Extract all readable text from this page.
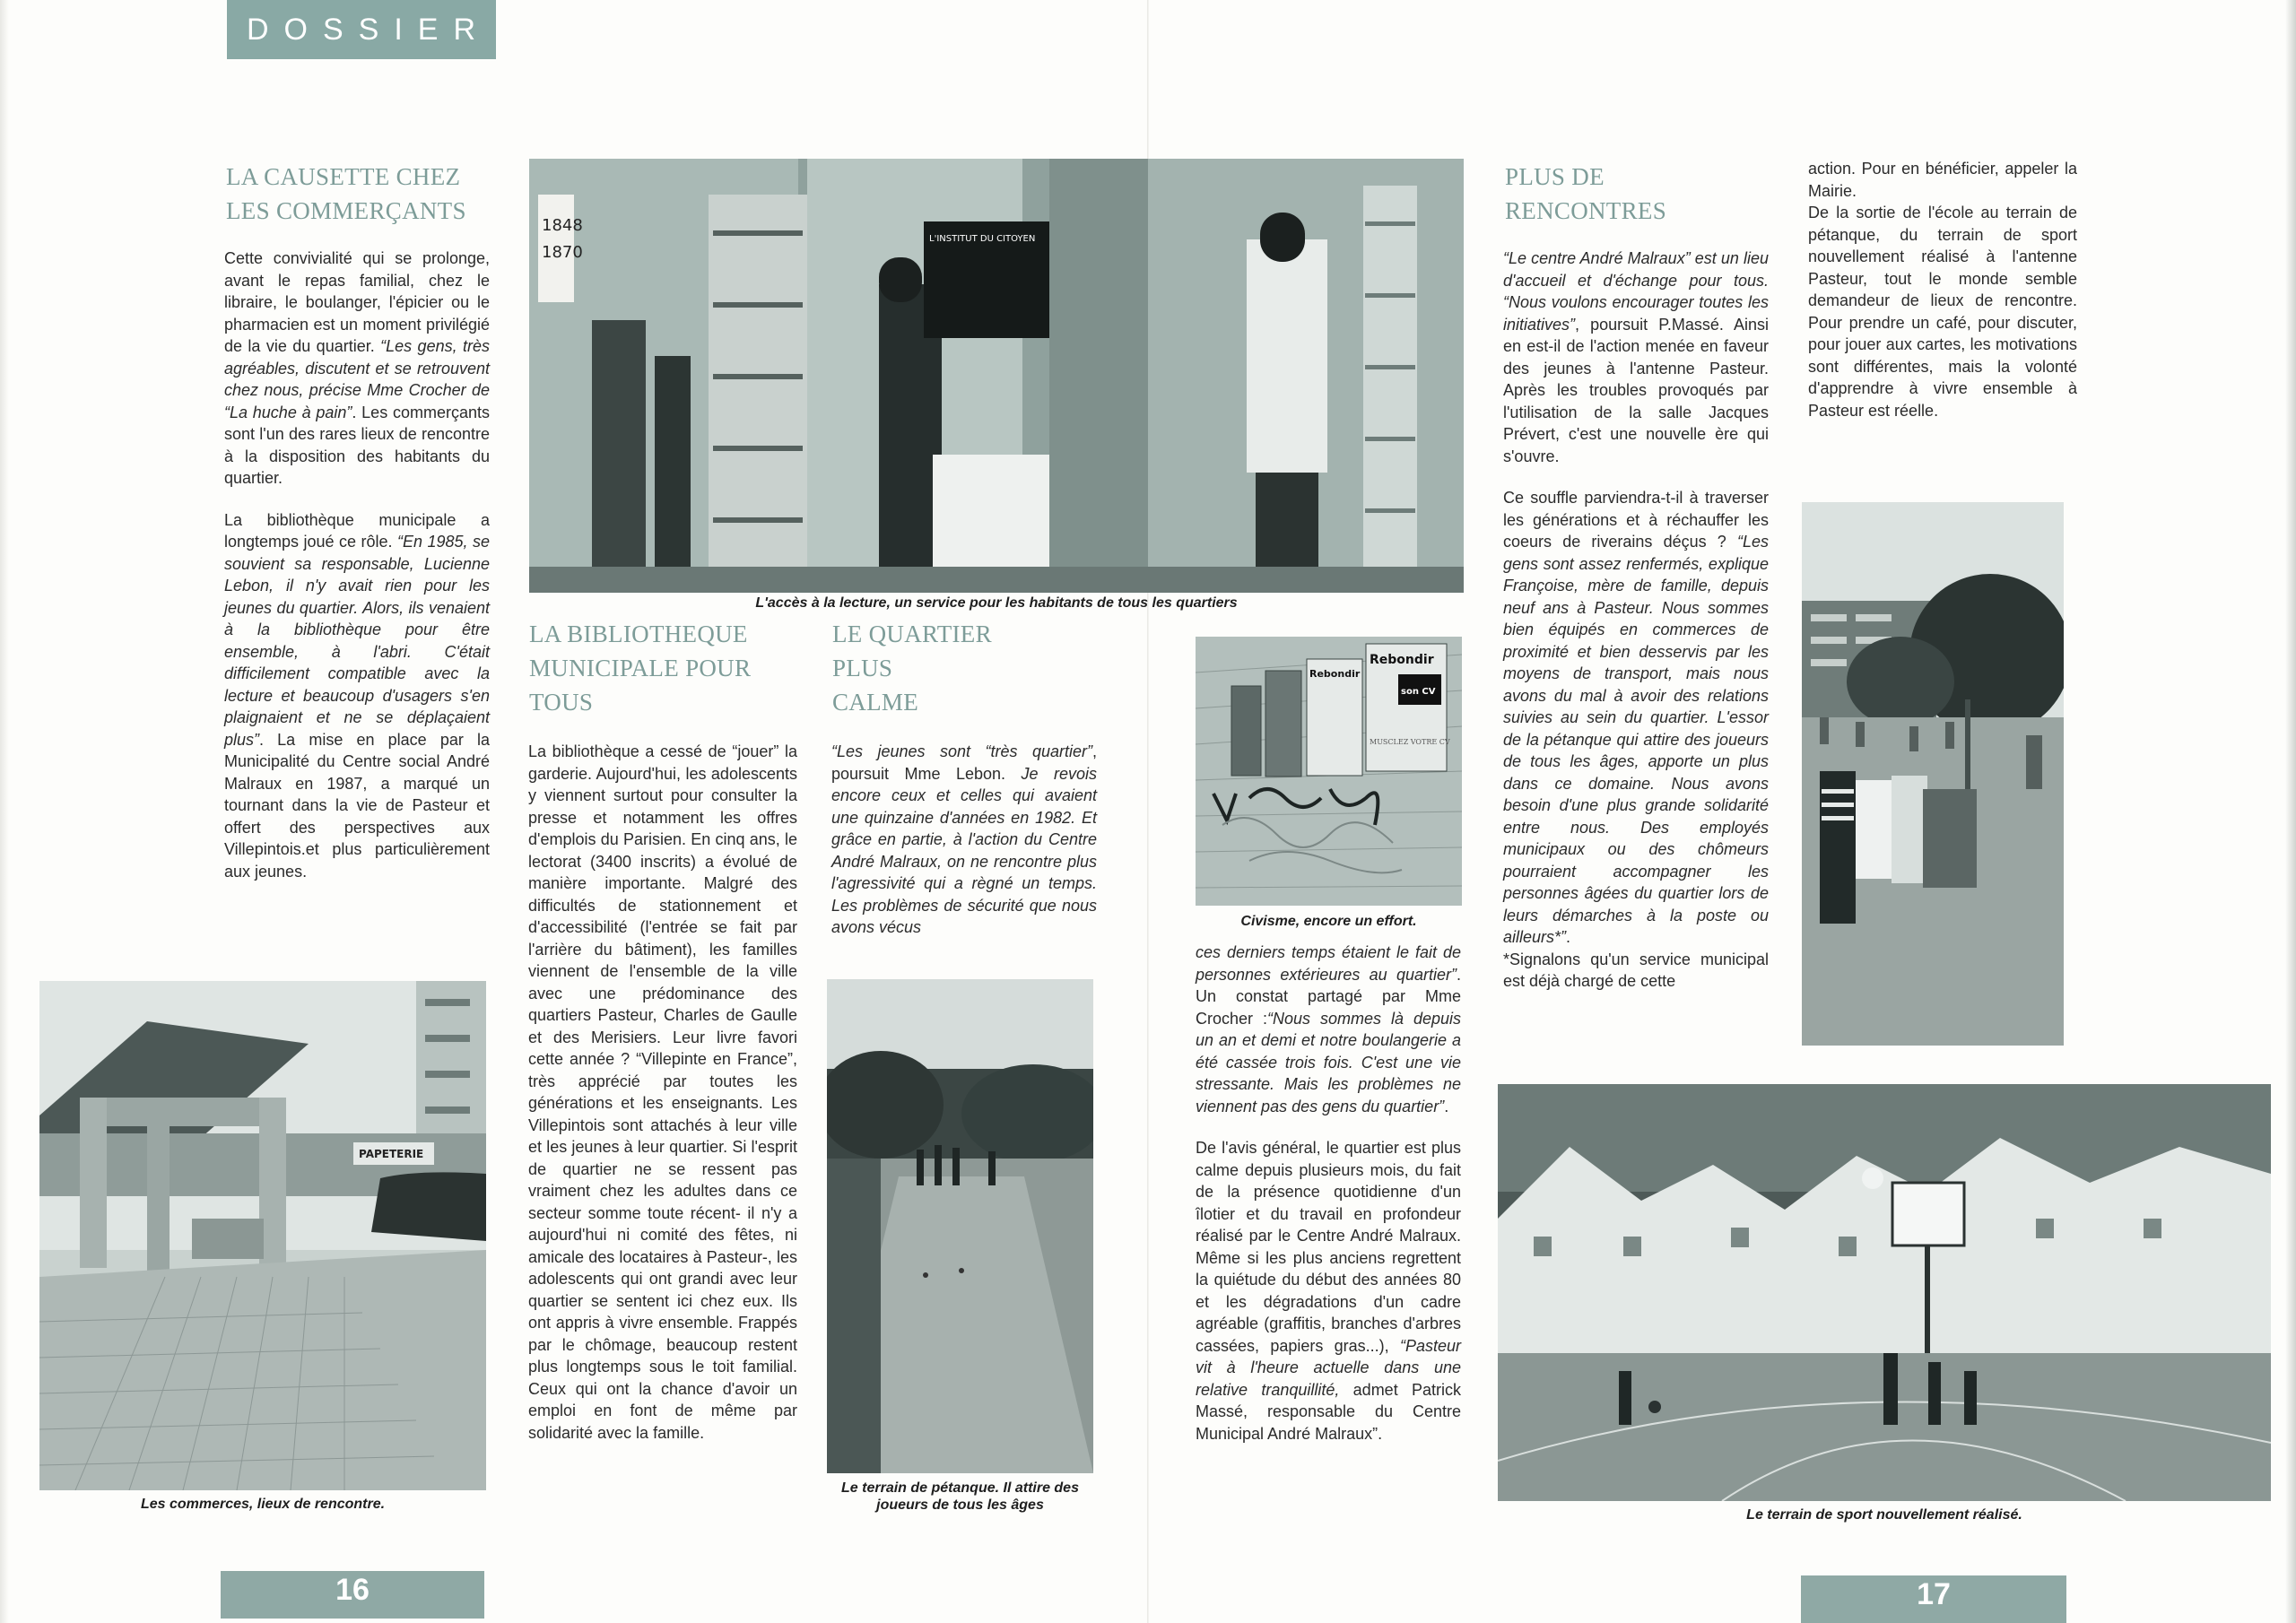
DOSSIER
LA CAUSETTE CHEZ
LES COMMERÇANTS

Cette convivialité qui se prolonge, avant le repas familial, chez le libraire, le boulanger, l'épicier ou le pharmacien est un moment privilégié de la vie du quartier. “Les gens, très agréables, discutent et se retrouvent chez nous, précise Mme Crocher de “La huche à pain”. Les commerçants sont l'un des rares lieux de rencontre à la disposition des habitants du quartier.

La bibliothèque municipale a longtemps joué ce rôle. “En 1985, se souvient sa responsable, Lucienne Lebon, il n'y avait rien pour les jeunes du quartier. Alors, ils venaient à la bibliothèque pour être ensemble, à l'abri. C'était difficilement compatible avec la lecture et beaucoup d'usagers s'en plaignaient et ne se déplaçaient plus”. La mise en place par la Municipalité du Centre social André Malraux en 1987, a marqué un tournant dans la vie de Pasteur et offert des perspectives aux Villepintois.et plus particulièrement aux jeunes.

1848
1870
L'INSTITUT DU CITOYEN
L'accès à la lecture, un service pour les habitants de tous les quartiers
LA BIBLIOTHEQUE
MUNICIPALE POUR
TOUS

La bibliothèque a cessé de “jouer” la garderie. Aujourd'hui, les adolescents y viennent surtout pour consulter la presse et notamment les offres d'emplois du Parisien. En cinq ans, le lectorat (3400 inscrits) a évolué de manière importante. Malgré des difficultés de stationnement et d'accessibilité (l'entrée se fait par l'arrière du bâtiment), les familles viennent de l'ensemble de la ville avec une prédominance des quartiers Pasteur, Charles de Gaulle et des Merisiers. Leur livre favori cette année ? “Villepinte en France”, très apprécié par toutes les générations et les enseignants. Les Villepintois sont attachés à leur ville et les jeunes à leur quartier. Si l'esprit de quartier ne se ressent pas vraiment chez les adultes dans ce secteur somme toute récent- il n'y a aujourd'hui ni comité des fêtes, ni amicale des locataires à Pasteur-, les adolescents qui ont grandi avec leur quartier se sentent ici chez eux. Ils ont appris à vivre ensemble. Frappés par le chômage, beaucoup restent plus longtemps sous le toit familial. Ceux qui ont la chance d'avoir un emploi en font de même par solidarité avec la famille.

LE QUARTIER
PLUS
CALME

“Les jeunes sont “très quartier”, poursuit Mme Lebon. Je revois encore ceux et celles qui avaient une quinzaine d'années en 1982. Et grâce en partie, à l'action du Centre André Malraux, on ne rencontre plus l'agressivité qui a règné un temps. Les problèmes de sécurité que nous avons vécus

PAPETERIE
Les commerces, lieux de rencontre.
Le terrain de pétanque. Il attire des joueurs de tous les âges
16
Rebondir
Rebondir
son CV
MUSCLEZ VOTRE CV
Civisme, encore un effort.

ces derniers temps étaient le fait de personnes extérieures au quartier”. Un constat partagé par Mme Crocher :“Nous sommes là depuis un an et demi et notre boulangerie a été cassée trois fois. C'est une vie stressante. Mais les problèmes ne viennent pas des gens du quartier”.

De l'avis général, le quartier est plus calme depuis plusieurs mois, du fait de la présence quotidienne d'un îlotier et du travail en profondeur réalisé par le Centre André Malraux. Même si les plus anciens regrettent la quiétude du début des années 80 et les dégradations d'un cadre agréable (graffitis, branches d'arbres cassées, papiers gras...), “Pasteur vit à l'heure actuelle dans une relative tranquillité, admet Patrick Massé, responsable du Centre Municipal André Malraux”.

PLUS DE
RENCONTRES

“Le centre André Malraux” est un lieu d'accueil et d'échange pour tous. “Nous voulons encourager toutes les initiatives”, poursuit P.Massé. Ainsi en est-il de l'action menée en faveur des jeunes à l'antenne Pasteur. Après les troubles provoqués par l'utilisation de la salle Jacques Prévert, c'est une nouvelle ère qui s'ouvre.

Ce souffle parviendra-t-il à traverser les générations et à réchauffer les coeurs de riverains déçus ? “Les gens sont assez renfermés, explique Françoise, mère de famille, depuis neuf ans à Pasteur. Nous sommes bien équipés en commerces de proximité et bien desservis par les moyens de transport, mais nous avons du mal à avoir des relations suivies au sein du quartier. L'essor de la pétanque qui attire des joueurs de tous les âges, apporte un plus dans ce domaine. Nous avons besoin d'une plus grande solidarité entre nous. Des employés municipaux ou des chômeurs pourraient accompagner les personnes âgées du quartier lors de leurs démarches à la poste ou ailleurs*”.

*Signalons qu'un service municipal est déjà chargé de cette

action. Pour en bénéficier, appeler la Mairie.

De la sortie de l'école au terrain de pétanque, du terrain de sport nouvellement réalisé à l'antenne Pasteur, tout le monde semble demandeur de lieux de rencontre. Pour prendre un café, pour discuter, pour jouer aux cartes, les motivations sont différentes, mais la volonté d'apprendre à vivre ensemble à Pasteur est réelle.

Le terrain de sport nouvellement réalisé.
17
